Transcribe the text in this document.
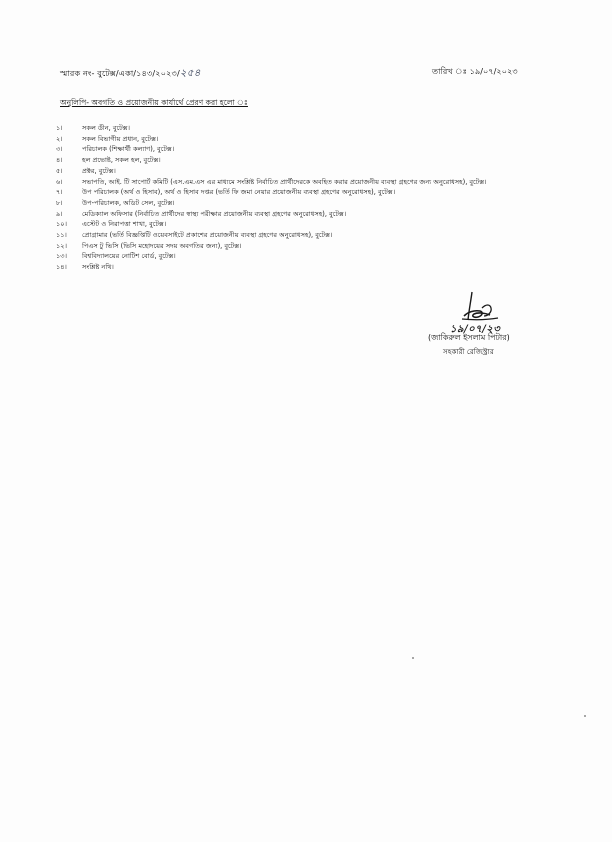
স্মারক নং- বুটেক্স/একা/১৪৩/২০২৩/২৫৪	তারিখ ঃ ১৯/০৭/২০২৩
অনুলিপি- অবগতি ও প্রয়োজনীয় কার্যার্থে প্রেরণ করা হলো ঃ
১।	সকল ডীন, বুটেক্স।
২।	সকল বিভাগীয় প্রধান, বুটেক্স।
৩।	পরিচালক (শিক্ষার্থী কল্যাণ), বুটেক্স।
৪।	হল প্রভোষ্ট, সকল হল, বুটেক্স।
৫।	প্রক্টর, বুটেক্স।
৬।	সভাপতি, আই. টি সাপোর্ট কমিটি (এস.এম.এস এর মাধ্যমে সংশ্লিষ্ট নির্বাচিত প্রার্থীদেরকে অবহিত করার প্রয়োজনীয় ব্যবস্থা গ্রহণের জন্য অনুরোধসহ), বুটেক্স।
৭।	উপ পরিচালক (অর্থ ও হিসাব), অর্থ ও হিসাব দপ্তর (ভর্তি ফি জমা নেয়ার প্রয়োজনীয় ব্যবস্থা গ্রহণের অনুরোধসহ), বুটেক্স।
৮।	উপ-পরিচালক, অডিট সেল, বুটেক্স।
৯।	মেডিক্যাল অফিসার (নির্বাচিত প্রার্থীদের স্বাস্থ্য পরীক্ষার প্রয়োজনীয় ব্যবস্থা গ্রহণের অনুরোধসহ), বুটেক্স।
১০।	এস্টেট ও নিরাপত্তা শাখা, বুটেক্স।
১১।	প্রোগ্রামার (ভর্তি বিজ্ঞপ্তিটি ওয়েবসাইটে প্রকাশের প্রয়োজনীয় ব্যবস্থা গ্রহণের অনুরোধসহ), বুটেক্স।
১২।	পিএস টু ভিসি (ভিসি মহোদয়ের সদয় অবগতির জন্য), বুটেক্স।
১৩।	বিশ্ববিদ্যালয়ের নোটিশ বোর্ড, বুটেক্স।
১৪।	সংশ্লিষ্ট নথি।
১৯/০৭/২৩
(জাকিরুল ইসলাম পিটার)
সহকারী রেজিস্ট্রার
